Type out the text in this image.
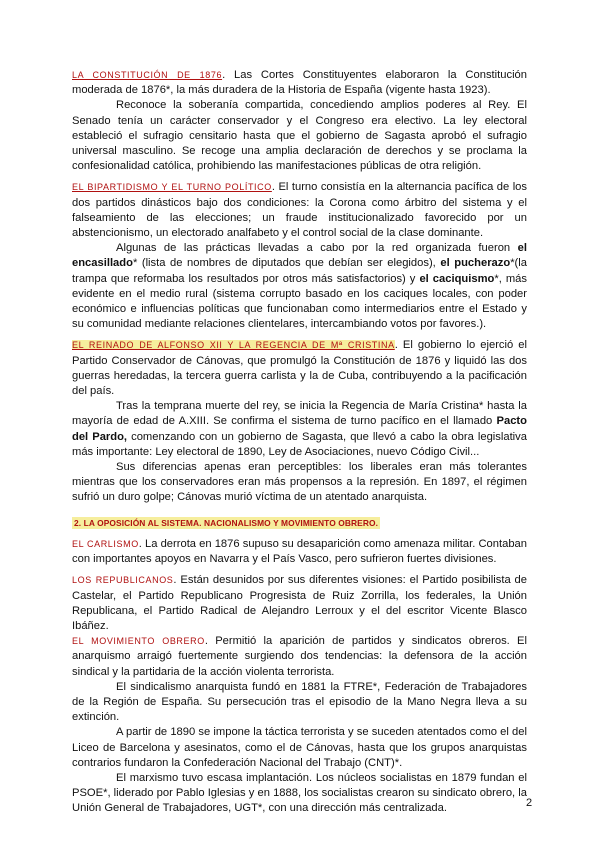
LA CONSTITUCIÓN DE 1876. Las Cortes Constituyentes elaboraron la Constitución moderada de 1876*, la más duradera de la Historia de España (vigente hasta 1923).

Reconoce la soberanía compartida, concediendo amplios poderes al Rey. El Senado tenía un carácter conservador y el Congreso era electivo. La ley electoral estableció el sufragio censitario hasta que el gobierno de Sagasta aprobó el sufragio universal masculino. Se recoge una amplia declaración de derechos y se proclama la confesionalidad católica, prohibiendo las manifestaciones públicas de otra religión.

EL BIPARTIDISMO Y EL TURNO POLÍTICO. El turno consistía en la alternancia pacífica de los dos partidos dinásticos bajo dos condiciones: la Corona como árbitro del sistema y el falseamiento de las elecciones; un fraude institucionalizado favorecido por un abstencionismo, un electorado analfabeto y el control social de la clase dominante.

Algunas de las prácticas llevadas a cabo por la red organizada fueron el encasillado* (lista de nombres de diputados que debían ser elegidos), el pucherazo*(la trampa que reformaba los resultados por otros más satisfactorios) y el caciquismo*, más evidente en el medio rural (sistema corrupto basado en los caciques locales, con poder económico e influencias políticas que funcionaban como intermediarios entre el Estado y su comunidad mediante relaciones clientelares, intercambiando votos por favores.).

EL REINADO DE ALFONSO XII Y LA REGENCIA DE Mª CRISTINA. El gobierno lo ejerció el Partido Conservador de Cánovas, que promulgó la Constitución de 1876 y liquidó las dos guerras heredadas, la tercera guerra carlista y la de Cuba, contribuyendo a la pacificación del país.

Tras la temprana muerte del rey, se inicia la Regencia de María Cristina* hasta la mayoría de edad de A.XIII. Se confirma el sistema de turno pacífico en el llamado Pacto del Pardo, comenzando con un gobierno de Sagasta, que llevó a cabo la obra legislativa más importante: Ley electoral de 1890, Ley de Asociaciones, nuevo Código Civil...

Sus diferencias apenas eran perceptibles: los liberales eran más tolerantes mientras que los conservadores eran más propensos a la represión. En 1897, el régimen sufrió un duro golpe; Cánovas murió víctima de un atentado anarquista.

2. LA OPOSICIÓN AL SISTEMA. NACIONALISMO Y MOVIMIENTO OBRERO.

EL CARLISMO. La derrota en 1876 supuso su desaparición como amenaza militar. Contaban con importantes apoyos en Navarra y el País Vasco, pero sufrieron fuertes divisiones.

LOS REPUBLICANOS. Están desunidos por sus diferentes visiones: el Partido posibilista de Castelar, el Partido Republicano Progresista de Ruiz Zorrilla, los federales, la Unión Republicana, el Partido Radical de Alejandro Lerroux y el del escritor Vicente Blasco Ibáñez.

EL MOVIMIENTO OBRERO. Permitió la aparición de partidos y sindicatos obreros. El anarquismo arraigó fuertemente surgiendo dos tendencias: la defensora de la acción sindical y la partidaria de la acción violenta terrorista.

El sindicalismo anarquista fundó en 1881 la FTRE*, Federación de Trabajadores de la Región de España. Su persecución tras el episodio de la Mano Negra lleva a su extinción.

A partir de 1890 se impone la táctica terrorista y se suceden atentados como el del Liceo de Barcelona y asesinatos, como el de Cánovas, hasta que los grupos anarquistas contrarios fundaron la Confederación Nacional del Trabajo (CNT)*.

El marxismo tuvo escasa implantación. Los núcleos socialistas en 1879 fundan el PSOE*, liderado por Pablo Iglesias y en 1888, los socialistas crearon su sindicato obrero, la Unión General de Trabajadores, UGT*, con una dirección más centralizada.	2
